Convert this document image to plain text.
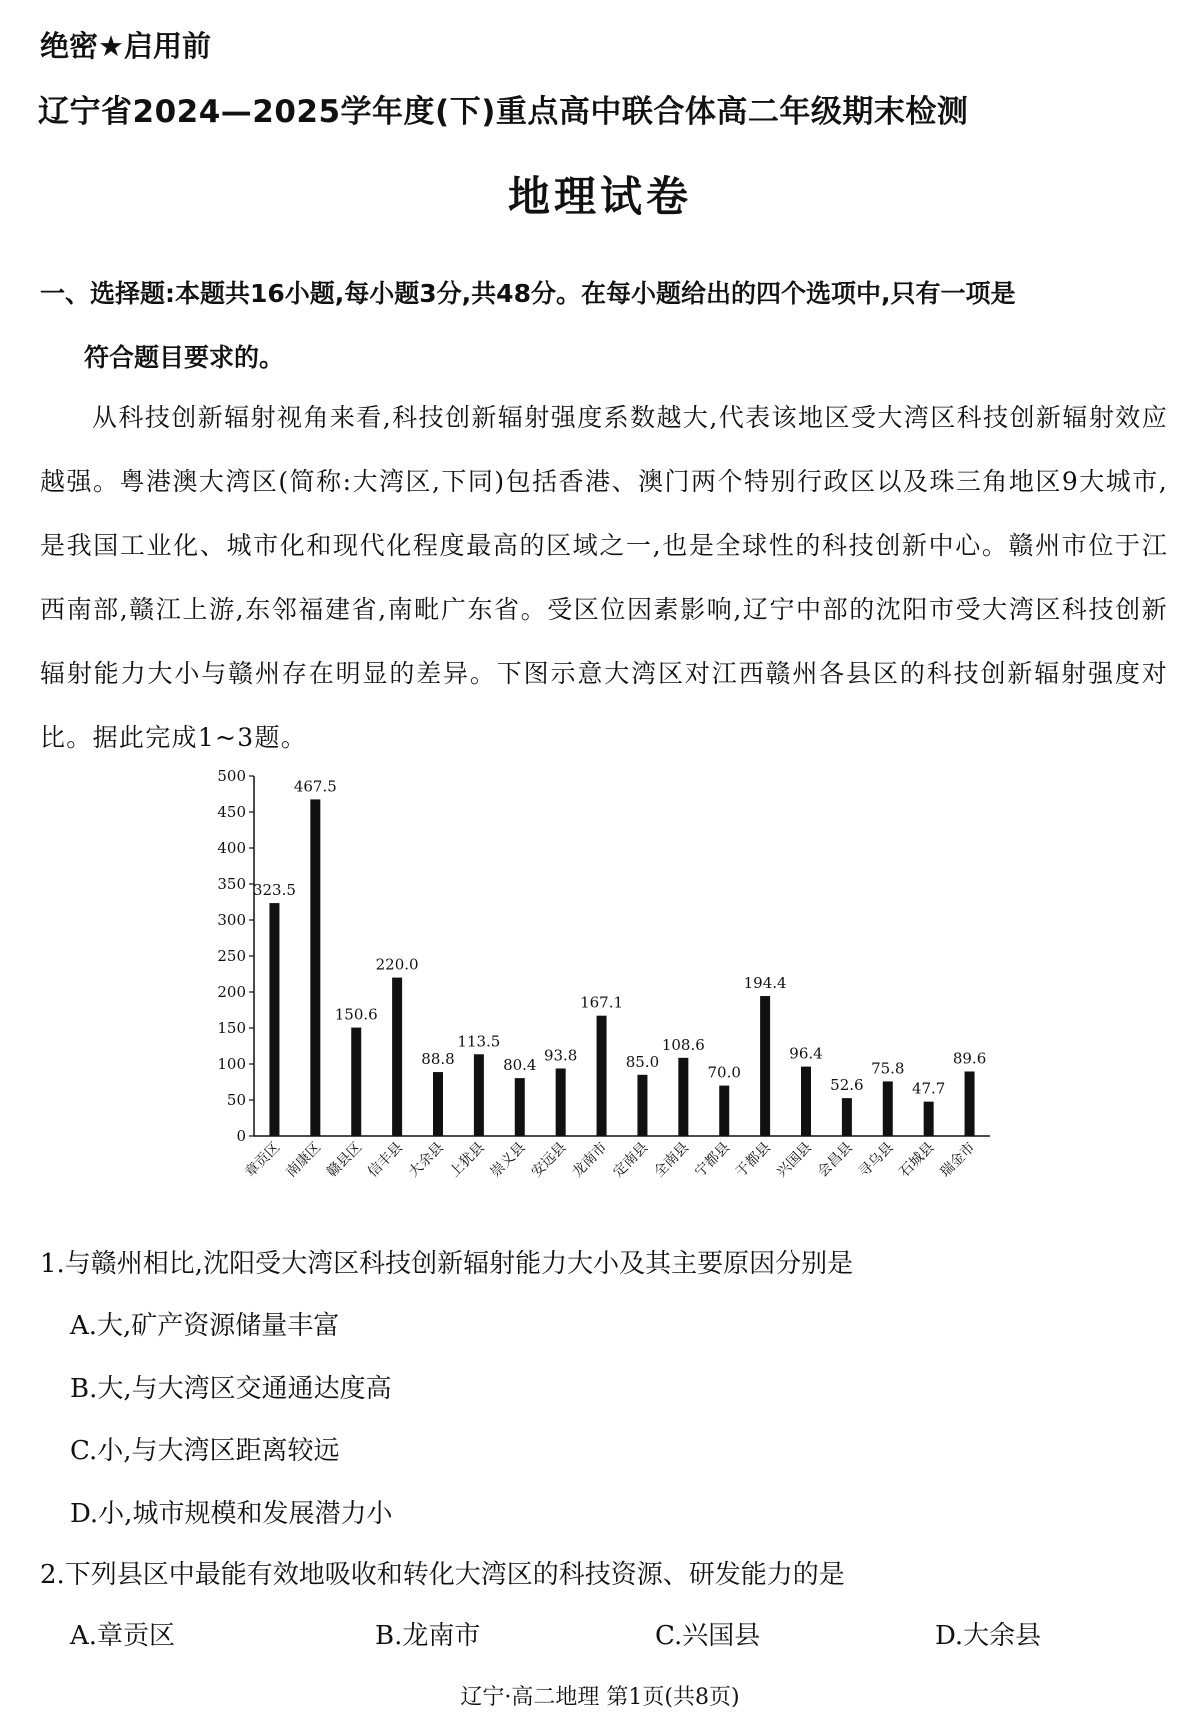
绝密★启用前
辽宁省2024—2025学年度(下)重点高中联合体高二年级期末检测
地理试卷
一、选择题:本题共16小题,每小题3分,共48分。在每小题给出的四个选项中,只有一项是
符合题目要求的。
从科技创新辐射视角来看,科技创新辐射强度系数越大,代表该地区受大湾区科技创新辐射效应越强。粤港澳大湾区(简称:大湾区,下同)包括香港、澳门两个特别行政区以及珠三角地区9大城市,是我国工业化、城市化和现代化程度最高的区域之一,也是全球性的科技创新中心。赣州市位于江西南部,赣江上游,东邻福建省,南毗广东省。受区位因素影响,辽宁中部的沈阳市受大湾区科技创新辐射能力大小与赣州存在明显的差异。下图示意大湾区对江西赣州各县区的科技创新辐射强度对比。据此完成1~3题。
0
50
100
150
200
250
300
350
400
450
500
323.5
章贡区
467.5
南康区
150.6
赣县区
220.0
信丰县
88.8
大余县
113.5
上犹县
80.4
崇义县
93.8
安远县
167.1
龙南市
85.0
定南县
108.6
全南县
70.0
宁都县
194.4
于都县
96.4
兴国县
52.6
会昌县
75.8
寻乌县
47.7
石城县
89.6
瑞金市
1.与赣州相比,沈阳受大湾区科技创新辐射能力大小及其主要原因分别是
A.大,矿产资源储量丰富
B.大,与大湾区交通通达度高
C.小,与大湾区距离较远
D.小,城市规模和发展潜力小
2.下列县区中最能有效地吸收和转化大湾区的科技资源、研发能力的是
A.章贡区	B.龙南市	C.兴国县	D.大余县
辽宁·高二地理 第1页(共8页)
